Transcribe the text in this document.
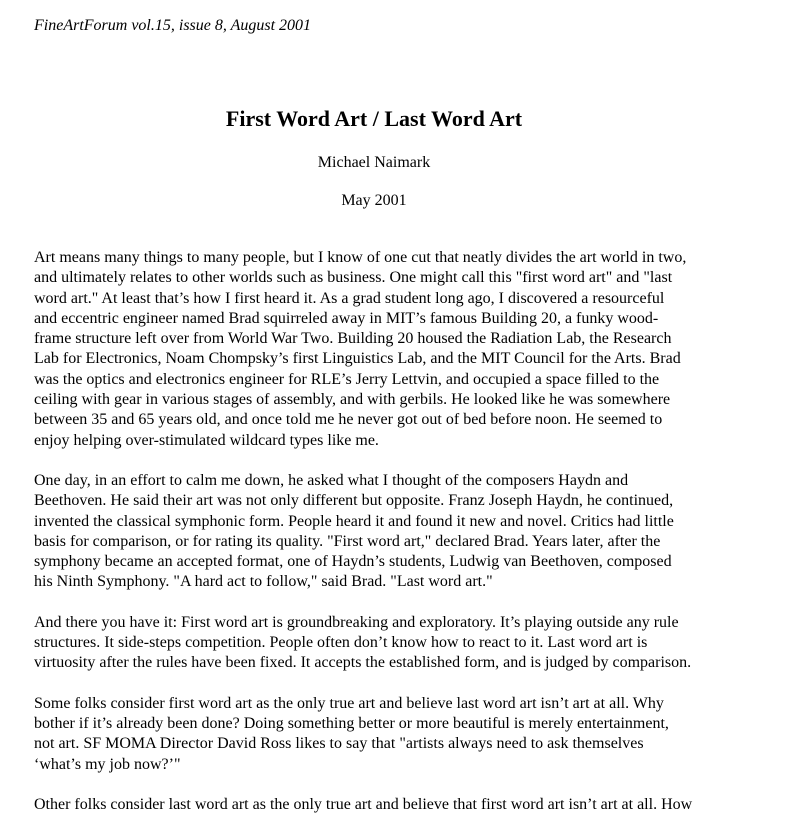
FineArtForum vol.15, issue 8, August 2001
First Word Art / Last Word Art
Michael Naimark
May 2001

Art means many things to many people, but I know of one cut that neatly divides the art world in two,
and ultimately relates to other worlds such as business. One might call this "first word art" and "last
word art." At least that’s how I first heard it. As a grad student long ago, I discovered a resourceful
and eccentric engineer named Brad squirreled away in MIT’s famous Building 20, a funky wood-
frame structure left over from World War Two. Building 20 housed the Radiation Lab, the Research
Lab for Electronics, Noam Chompsky’s first Linguistics Lab, and the MIT Council for the Arts. Brad
was the optics and electronics engineer for RLE’s Jerry Lettvin, and occupied a space filled to the
ceiling with gear in various stages of assembly, and with gerbils. He looked like he was somewhere
between 35 and 65 years old, and once told me he never got out of bed before noon. He seemed to
enjoy helping over-stimulated wildcard types like me.

One day, in an effort to calm me down, he asked what I thought of the composers Haydn and
Beethoven. He said their art was not only different but opposite. Franz Joseph Haydn, he continued,
invented the classical symphonic form. People heard it and found it new and novel. Critics had little
basis for comparison, or for rating its quality. "First word art," declared Brad. Years later, after the
symphony became an accepted format, one of Haydn’s students, Ludwig van Beethoven, composed
his Ninth Symphony. "A hard act to follow," said Brad. "Last word art."

And there you have it: First word art is groundbreaking and exploratory. It’s playing outside any rule
structures. It side-steps competition. People often don’t know how to react to it. Last word art is
virtuosity after the rules have been fixed. It accepts the established form, and is judged by comparison.

Some folks consider first word art as the only true art and believe last word art isn’t art at all. Why
bother if it’s already been done? Doing something better or more beautiful is merely entertainment,
not art. SF MOMA Director David Ross likes to say that "artists always need to ask themselves
‘what’s my job now?’"

Other folks consider last word art as the only true art and believe that first word art isn’t art at all. How
